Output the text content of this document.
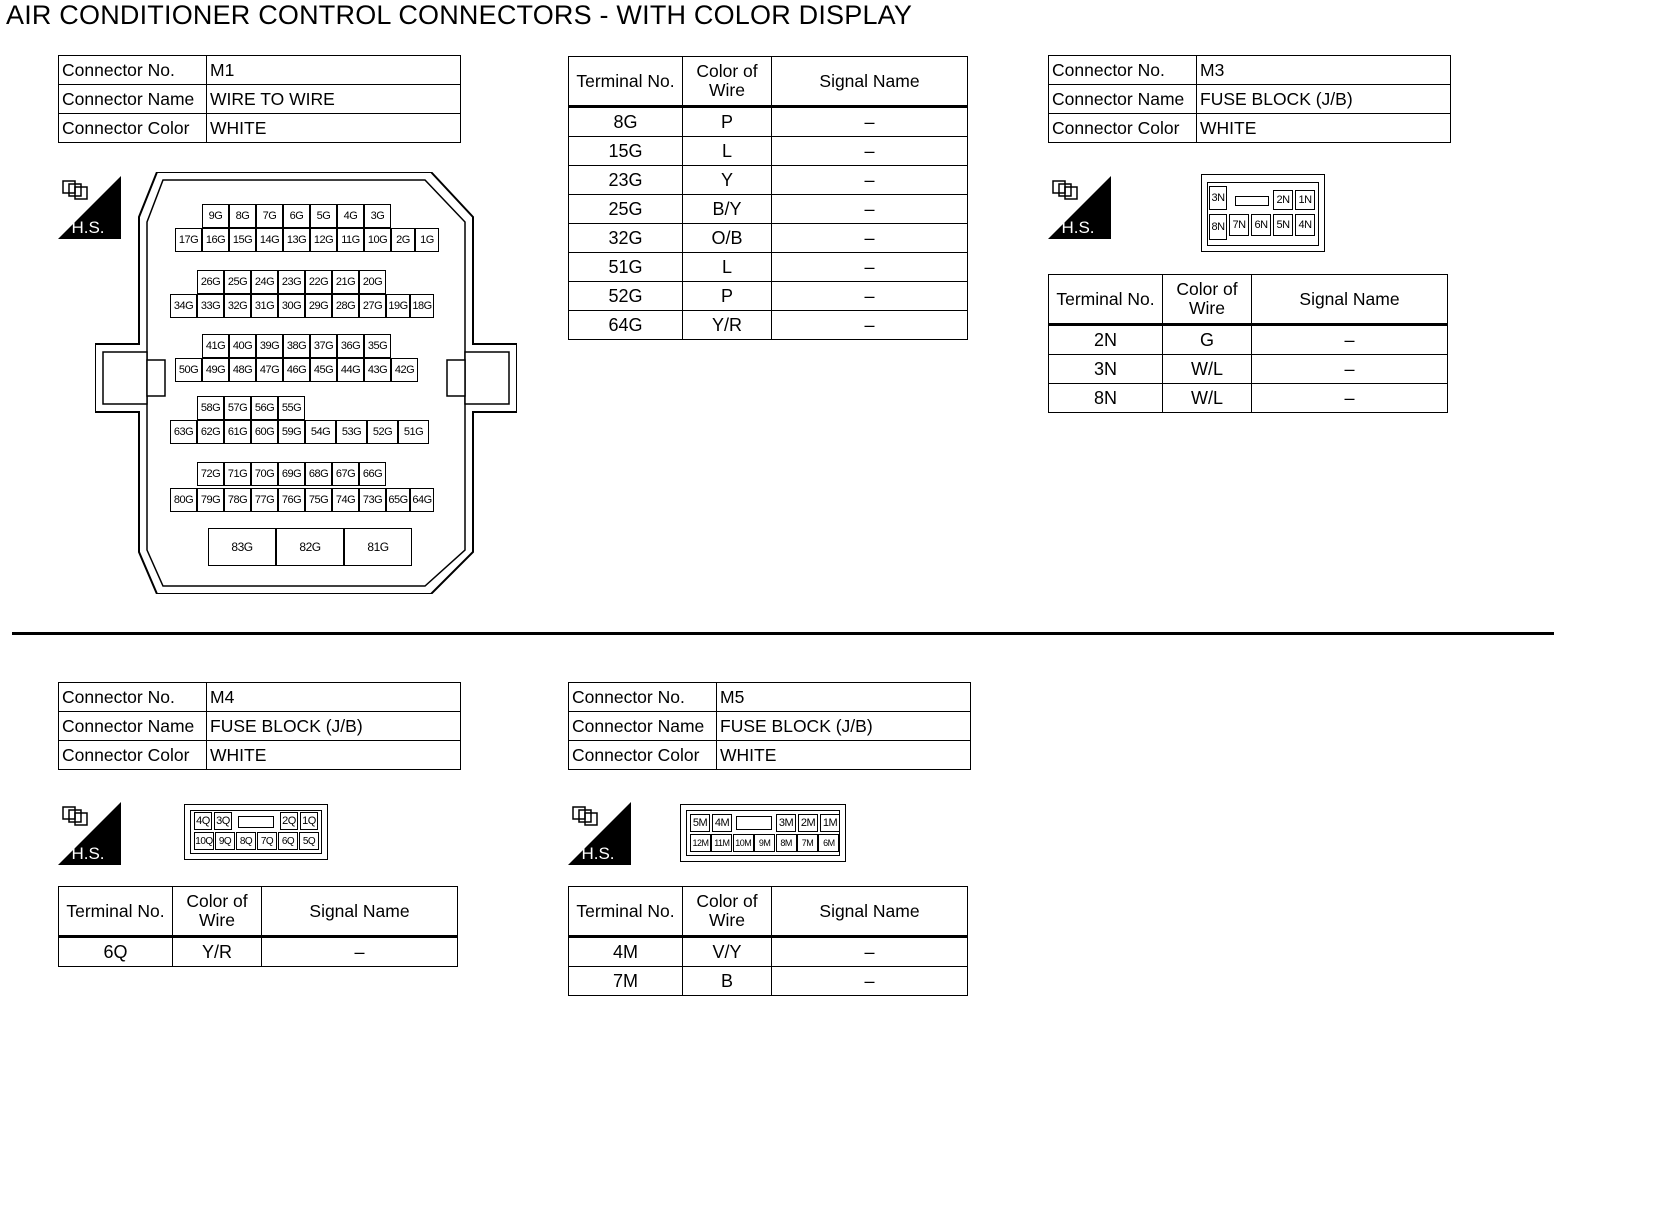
AIR CONDITIONER CONTROL CONNECTORS - WITH COLOR DISPLAY
Connector No.	M1
Connector Name	WIRE TO WIRE
Connector Color	WHITE
H.S.
9G	8G	7G	6G	5G	4G	3G
17G 16G 15G 14G 13G 12G 11G 10G 2G 1G
26G 25G 24G 23G 22G 21G 20G
34G 33G 32G 31G 30G 29G 28G 27G 19G 18G
41G 40G 39G 38G 37G 36G 35G
50G 49G 48G 47G 46G 45G 44G 43G 42G
58G 57G 56G 55G
63G 62G 61G 60G 59G 54G	53G	52G	51G
72G 71G 70G 69G 68G 67G 66G
80G 79G 78G 77G 76G 75G 74G 73G 65G 64G
83G	82G	81G
Terminal No.	Color of
Wire	Signal Name
8G	P	–
15G	L	–
23G	Y	–
25G	B/Y	–
32G	O/B	–
51G	L	–
52G	P	–
64G	Y/R	–
Connector No.	M3
Connector Name	FUSE BLOCK (J/B)
Connector Color	WHITE
H.S.
3N	2N 1N
8N 7N 6N 5N 4N
Terminal No.	Color of
Wire	Signal Name
2N	G	–
3N	W/L	–
8N	W/L	–
Connector No.	M4
Connector Name	FUSE BLOCK (J/B)
Connector Color	WHITE
H.S.
4Q 3Q	2Q 1Q
10Q 9Q 8Q 7Q 6Q 5Q
Terminal No.	Color of
Wire	Signal Name
6Q	Y/R	–
Connector No.	M5
Connector Name	FUSE BLOCK (J/B)
Connector Color	WHITE
H.S.
5M 4M	3M 2M 1M
12M 11M 10M 9M	8M	7M	6M
Terminal No.	Color of
Wire	Signal Name
4M	V/Y	–
7M	B	–
